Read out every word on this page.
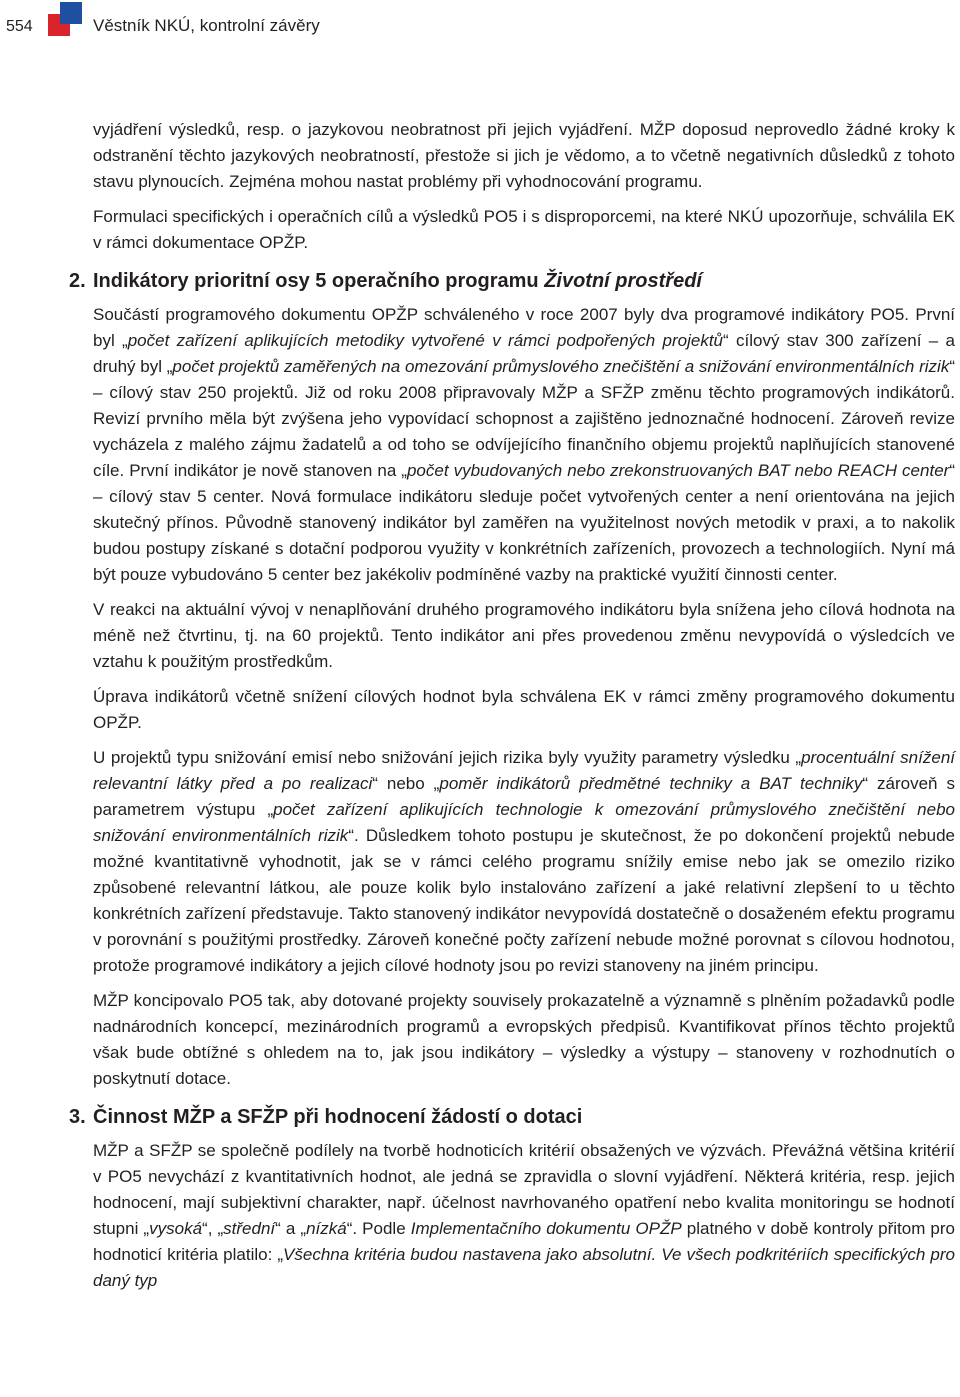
554	Věstník NKÚ, kontrolní závěry

vyjádření výsledků, resp. o jazykovou neobratnost při jejich vyjádření. MŽP doposud neprovedlo žádné kroky k odstranění těchto jazykových neobratností, přestože si jich je vědomo, a to včetně negativních důsledků z tohoto stavu plynoucích. Zejména mohou nastat problémy při vyhodnocování programu.

Formulaci specifických i operačních cílů a výsledků PO5 i s disproporcemi, na které NKÚ upozorňuje, schválila EK v rámci dokumentace OPŽP.

2. Indikátory prioritní osy 5 operačního programu Životní prostředí

Součástí programového dokumentu OPŽP schváleného v roce 2007 byly dva programové indikátory PO5. První byl „počet zařízení aplikujících metodiky vytvořené v rámci podpořených projektů“ cílový stav 300 zařízení – a druhý byl „počet projektů zaměřených na omezování průmyslového znečištění a snižování environmentálních rizik“ – cílový stav 250 projektů. Již od roku 2008 připravovaly MŽP a SFŽP změnu těchto programových indikátorů. Revizí prvního měla být zvýšena jeho vypovídací schopnost a zajištěno jednoznačné hodnocení. Zároveň revize vycházela z malého zájmu žadatelů a od toho se odvíjejícího finančního objemu projektů naplňujících stanovené cíle. První indikátor je nově stanoven na „počet vybudovaných nebo zrekonstruovaných BAT nebo REACH center“ – cílový stav 5 center. Nová formulace indikátoru sleduje počet vytvořených center a není orientována na jejich skutečný přínos. Původně stanovený indikátor byl zaměřen na využitelnost nových metodik v praxi, a to nakolik budou postupy získané s dotační podporou využity v konkrétních zařízeních, provozech a technologiích. Nyní má být pouze vybudováno 5 center bez jakékoliv podmíněné vazby na praktické využití činnosti center.

V reakci na aktuální vývoj v nenaplňování druhého programového indikátoru byla snížena jeho cílová hodnota na méně než čtvrtinu, tj. na 60 projektů. Tento indikátor ani přes provedenou změnu nevypovídá o výsledcích ve vztahu k použitým prostředkům.

Úprava indikátorů včetně snížení cílových hodnot byla schválena EK v rámci změny programového dokumentu OPŽP.

U projektů typu snižování emisí nebo snižování jejich rizika byly využity parametry výsledku „procentuální snížení relevantní látky před a po realizaci“ nebo „poměr indikátorů předmětné techniky a BAT techniky“ zároveň s parametrem výstupu „počet zařízení aplikujících technologie k omezování průmyslového znečištění nebo snižování environmentálních rizik“. Důsledkem tohoto postupu je skutečnost, že po dokončení projektů nebude možné kvantitativně vyhodnotit, jak se v rámci celého programu snížily emise nebo jak se omezilo riziko způsobené relevantní látkou, ale pouze kolik bylo instalováno zařízení a jaké relativní zlepšení to u těchto konkrétních zařízení představuje. Takto stanovený indikátor nevypovídá dostatečně o dosaženém efektu programu v porovnání s použitými prostředky. Zároveň konečné počty zařízení nebude možné porovnat s cílovou hodnotou, protože programové indikátory a jejich cílové hodnoty jsou po revizi stanoveny na jiném principu.

MŽP koncipovalo PO5 tak, aby dotované projekty souvisely prokazatelně a významně s plněním požadavků podle nadnárodních koncepcí, mezinárodních programů a evropských předpisů. Kvantifikovat přínos těchto projektů však bude obtížné s ohledem na to, jak jsou indikátory – výsledky a výstupy – stanoveny v rozhodnutích o poskytnutí dotace.

3. Činnost MŽP a SFŽP při hodnocení žádostí o dotaci

MŽP a SFŽP se společně podílely na tvorbě hodnoticích kritérií obsažených ve výzvách. Převážná většina kritérií v PO5 nevychází z kvantitativních hodnot, ale jedná se zpravidla o slovní vyjádření. Některá kritéria, resp. jejich hodnocení, mají subjektivní charakter, např. účelnost navrhovaného opatření nebo kvalita monitoringu se hodnotí stupni „vysoká“, „střední“ a „nízká“. Podle Implementačního dokumentu OPŽP platného v době kontroly přitom pro hodnoticí kritéria platilo: „Všechna kritéria budou nastavena jako absolutní. Ve všech podkritériích specifických pro daný typ
